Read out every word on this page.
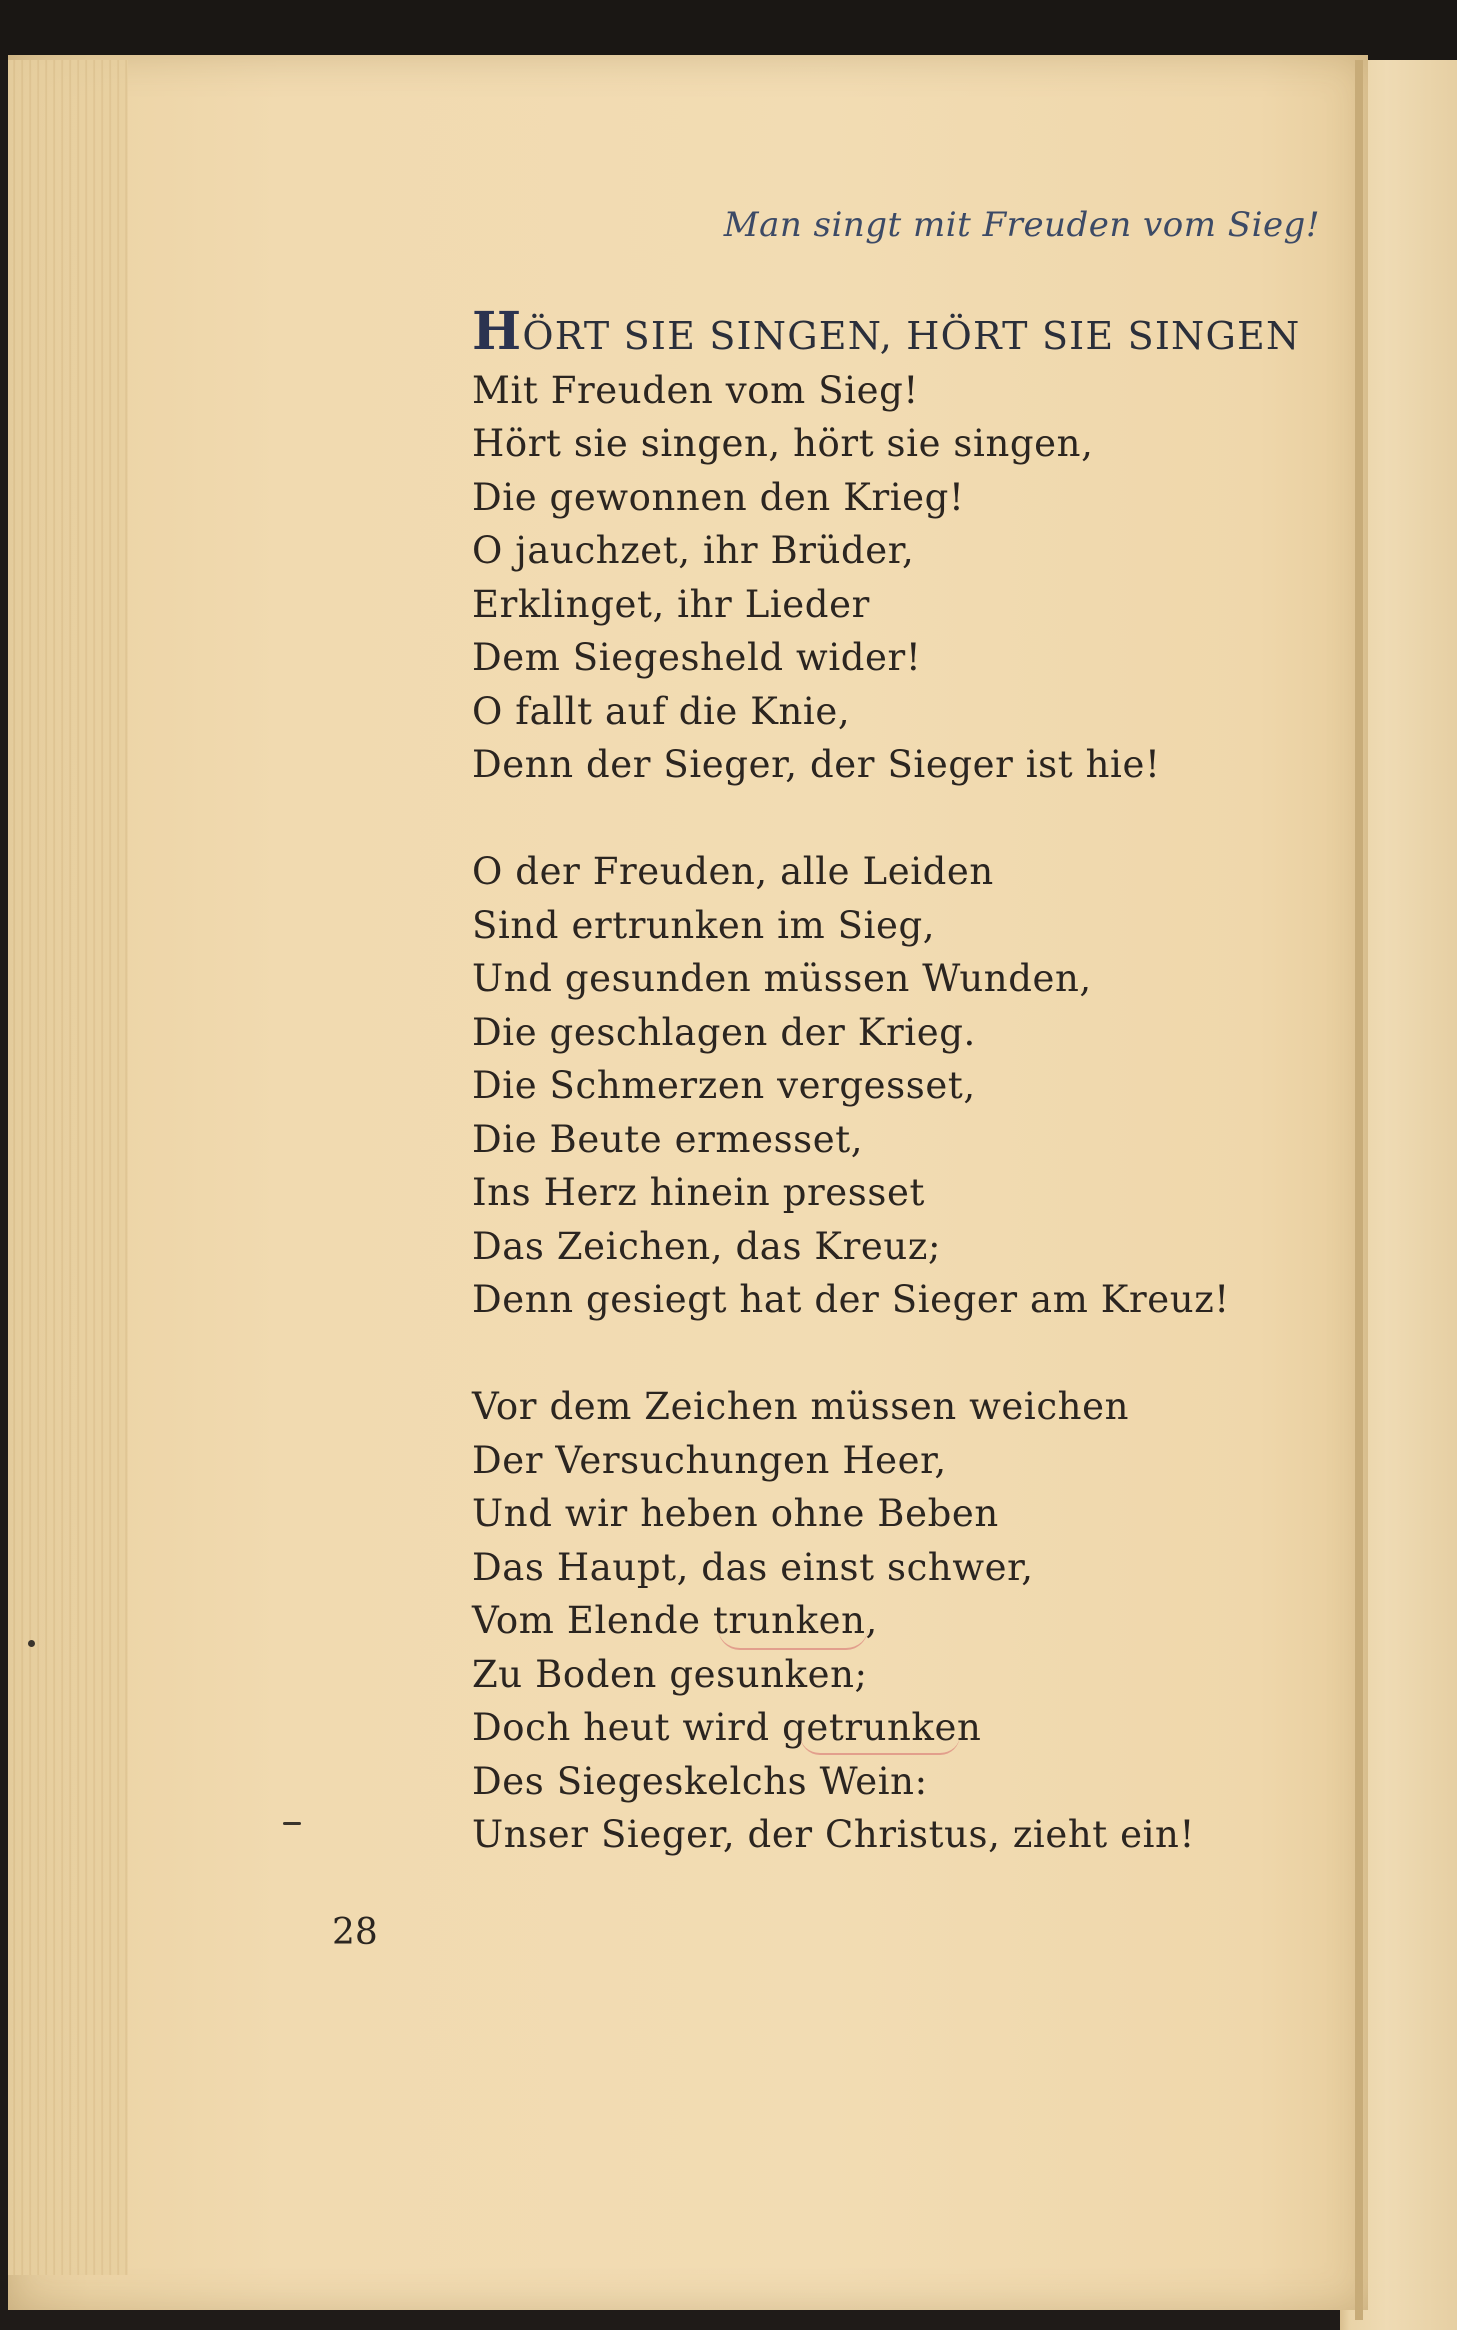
Man singt mit Freuden vom Sieg!
HÖRT SIE SINGEN, HÖRT SIE SINGEN
Mit Freuden vom Sieg!
Hört sie singen, hört sie singen,
Die gewonnen den Krieg!
O jauchzet, ihr Brüder,
Erklinget, ihr Lieder
Dem Siegesheld wider!
O fallt auf die Knie,
Denn der Sieger, der Sieger ist hie!
O der Freuden, alle Leiden
Sind ertrunken im Sieg,
Und gesunden müssen Wunden,
Die geschlagen der Krieg.
Die Schmerzen vergesset,
Die Beute ermesset,
Ins Herz hinein presset
Das Zeichen, das Kreuz;
Denn gesiegt hat der Sieger am Kreuz!
Vor dem Zeichen müssen weichen
Der Versuchungen Heer,
Und wir heben ohne Beben
Das Haupt, das einst schwer,
Vom Elende trunken,
Zu Boden gesunken;
Doch heut wird getrunken
Des Siegeskelchs Wein:
Unser Sieger, der Christus, zieht ein!
28
